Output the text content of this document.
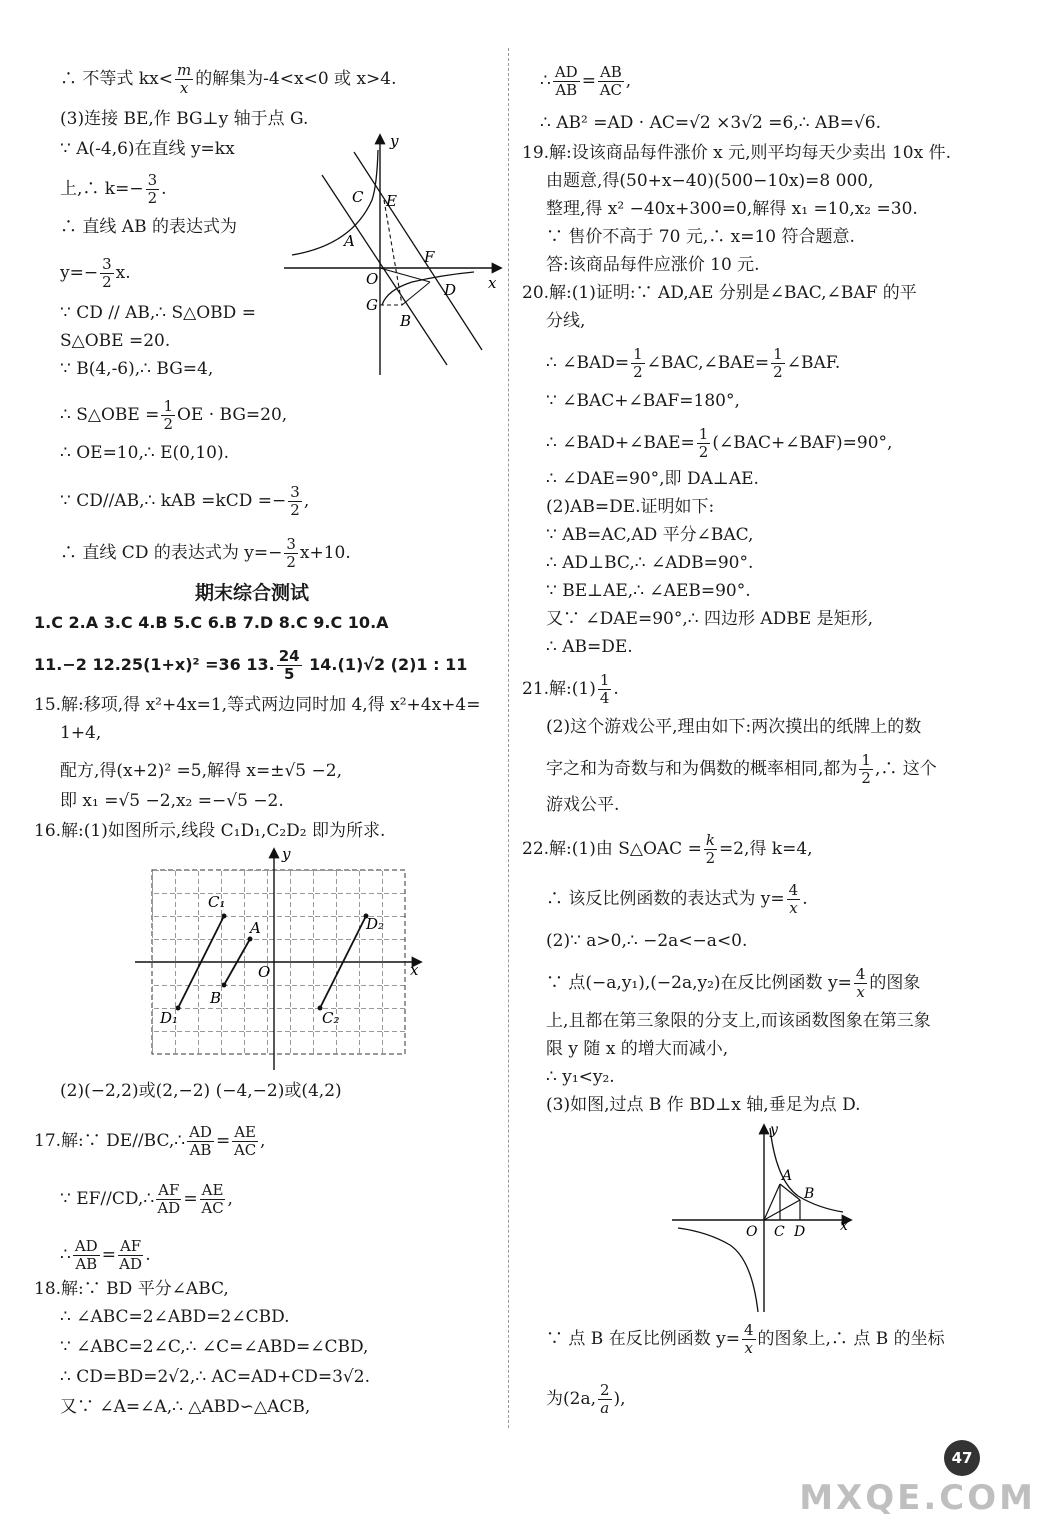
∴ 不等式 $kx< \frac{m}{x}$ 的解集为-4<x<0 或 x>4.
(3)连接 BE,作 BG⊥y 轴于点 G.
∵ A(-4,6)在直线 y=kx
上,∴ $k=- \frac{3}{2}$ .
∴ 直线 AB 的表达式为
$y=- \frac{3}{2} x$.
∵ CD // AB,∴ S△OBD =
S△OBE =20.
∵ B(4,-6),∴ BG=4,
∴ S△OBE = $\frac{1}{2}$ OE · BG=20,
∴ OE=10,∴ E(0,10).
∵ CD//AB,∴ kAB $=kCD =- \frac{3}{2}$ ,
∴ 直线 CD 的表达式为 $y=- \frac{3}{2} x+10$.
期末综合测试
1.C 2.A 3.C 4.B 5.C 6.B 7.D 8.C 9.C 10.A
11.−2 12.25(1+x)² =36 13. $\frac{24}{5} 14.(1)√2$ (2)1 : 11
15.解:移项,得 x²+4x=1,等式两边同时加 4,得 x²+4x+4=
1+4,
配方,得(x+2)² =5,解得 x=±√5 −2,
即 x₁ =√5 −2,x₂ =−√5 −2.
16.解:(1)如图所示,线段 C₁D₁,C₂D₂ 即为所求.
(2)(−2,2)或(2,−2) (−4,−2)或(4,2)
17.解:∵ DE//BC,∴ $\frac{AD}{AB} = \frac{AE}{AC}$ ,
∵ EF//CD,∴ $\frac{AF}{AD} = \frac{AE}{AC}$ ,
∴ $\frac{AD}{AB} = \frac{AF}{AD}$ .
18.解:∵ BD 平分∠ABC,
∴ ∠ABC=2∠ABD=2∠CBD.
∵ ∠ABC=2∠C,∴ ∠C=∠ABD=∠CBD,
∴ CD=BD=2√2,∴ AC=AD+CD=3√2.
又∵ ∠A=∠A,∴ △ABD∽△ACB,
y
x
C E
A
F
O
D
G
B
y
x
C₁
A	D₂
O
B
D₁	C₂
∴ $\frac{AD}{AB} = \frac{AB}{AC}$ ,
∴ AB² =AD · AC=√2 ×3√2 =6,∴ AB=√6.
19.解:设该商品每件涨价 x 元,则平均每天少卖出 10x 件.
由题意,得(50+x−40)(500−10x)=8 000,
整理,得 x² −40x+300=0,解得 x₁ =10,x₂ =30.
∵ 售价不高于 70 元,∴ x=10 符合题意.
答:该商品每件应涨价 10 元.
20.解:(1)证明:∵ AD,AE 分别是∠BAC,∠BAF 的平
分线,
∴ ∠BAD= $\frac{1}{2}$ ∠BAC,∠BAE= $\frac{1}{2}$ ∠BAF.
∵ ∠BAC+∠BAF=180°,
∴ ∠BAD+∠BAE= $\frac{1}{2}$ (∠BAC+∠BAF)=90°,
∴ ∠DAE=90°,即 DA⊥AE.
(2)AB=DE.证明如下:
∵ AB=AC,AD 平分∠BAC,
∴ AD⊥BC,∴ ∠ADB=90°.
∵ BE⊥AE,∴ ∠AEB=90°.
又∵ ∠DAE=90°,∴ 四边形 ADBE 是矩形,
∴ AB=DE.
21.解:(1) $\frac{1}{4}$ .
(2)这个游戏公平,理由如下:两次摸出的纸牌上的数
字之和为奇数与和为偶数的概率相同,都为 $\frac{1}{2}$ ,∴ 这个
游戏公平.
22.解:(1)由 S△OAC = $\frac{k}{2} =2$,得 k=4,
∴ 该反比例函数的表达式为 $y= \frac{4}{x}$ .
(2)∵ a>0,∴ −2a<−a<0.
∵ 点(−a,y₁),(−2a,y₂)在反比例函数 $y= \frac{4}{x}$ 的图象
上,且都在第三象限的分支上,而该函数图象在第三象
限 y 随 x 的增大而减小,
∴ y₁<y₂.
(3)如图,过点 B 作 BD⊥x 轴,垂足为点 D.
∵ 点 B 在反比例函数 $y= \frac{4}{x}$ 的图象上,∴ 点 B 的坐标
为(2a, $\frac{2}{a}$ ),
y
x
A
B
O C D
47
MXQE.COM
